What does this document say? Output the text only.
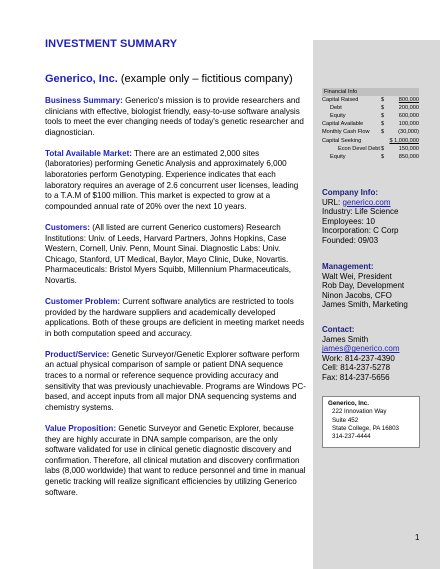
INVESTMENT SUMMARY
Generico, Inc. (example only – fictitious company)
Business Summary: Generico's mission is to provide researchers and clinicians with effective, biologist friendly, easy-to-use software analysis tools to meet the ever changing needs of today's genetic researcher and diagnostician.
Total Available Market: There are an estimated 2,000 sites (laboratories) performing Genetic Analysis and approximately 6,000 laboratories perform Genotyping. Experience indicates that each laboratory requires an average of 2.6 concurrent user licenses, leading to a T.A.M of $100 million. This market is expected to grow at a compounded annual rate of 20% over the next 10 years.
Customers: (All listed are current Generico customers) Research Institutions: Univ. of Leeds, Harvard Partners, Johns Hopkins, Case Western, Cornell, Univ. Penn, Mount Sinai. Diagnostic Labs: Univ. Chicago, Stanford, UT Medical, Baylor, Mayo Clinic, Duke, Novartis. Pharmaceuticals: Bristol Myers Squibb, Millennium Pharmaceuticals, Novartis.
Customer Problem: Current software analytics are restricted to tools provided by the hardware suppliers and academically developed applications. Both of these groups are deficient in meeting market needs in both computation speed and accuracy.
Product/Service: Genetic Surveyor/Genetic Explorer software perform an actual physical comparison of sample or patient DNA sequence traces to a normal or reference sequence providing accuracy and sensitivity that was previously unachievable. Programs are Windows PC-based, and accept inputs from all major DNA sequencing systems and chemistry systems.
Value Proposition: Genetic Surveyor and Genetic Explorer, because they are highly accurate in DNA sample comparison, are the only software validated for use in clinical genetic diagnostic discovery and confirmation. Therefore, all clinical mutation and discovery confirmation labs (8,000 worldwide) that want to reduce personnel and time in manual genetic tracking will realize significant efficiencies by utilizing Generico software.
Financial Info
Capital Raised	$	800,000
Debt	$	200,000
Equity	$	600,000
Capital Available	$	100,000
Monthly Cash Flow	$	(30,000)
Capital Seeking	$ 1,000,000
Econ Devel Debt $	150,000
Equity	$	850,000
Company Info:
URL: generico.com
Industry: Life Science
Employees: 10
Incorporation: C Corp
Founded: 09/03
Management:
Walt Wei, President
Rob Day, Development
Ninon Jacobs, CFO
James Smith, Marketing
Contact:
James Smith
james@generico.com
Work: 814-237-4390
Cell: 814-237-5278
Fax: 814-237-5656
Generico, Inc.
222 Innovation Way
Suite 452
State College, PA 16803
314-237-4444
1
